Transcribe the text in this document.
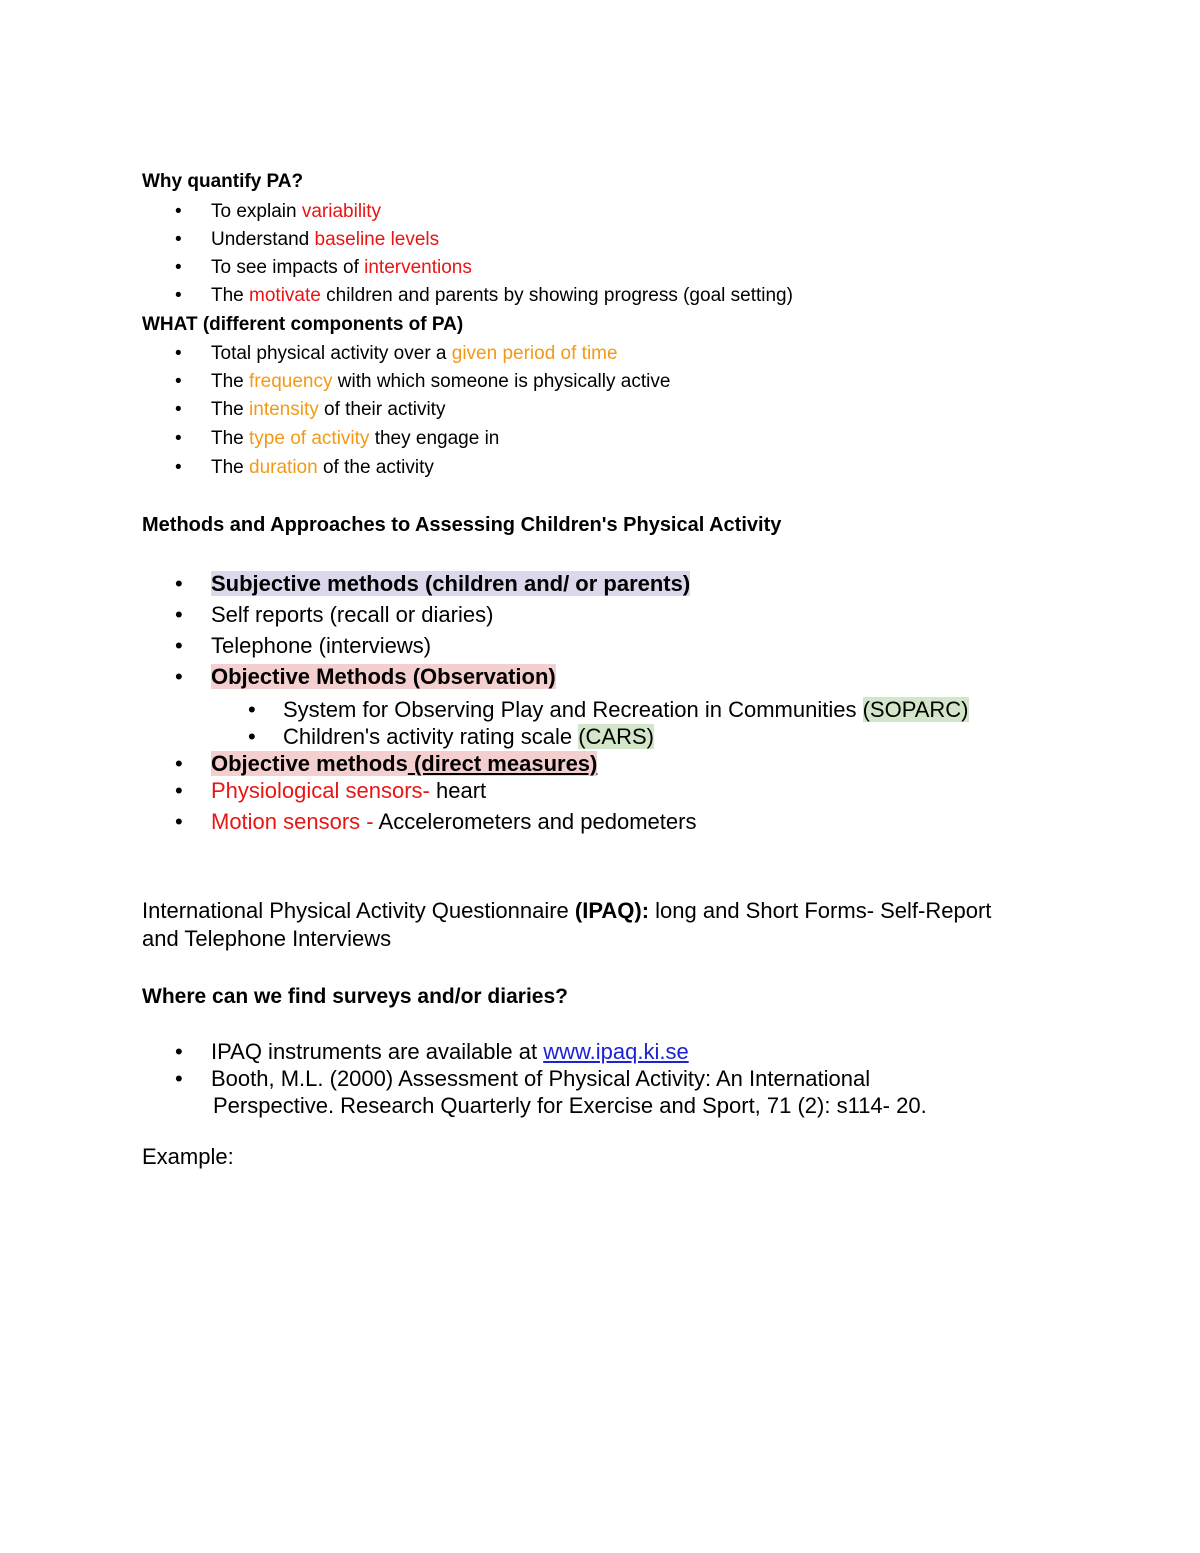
Why quantify PA?
• To explain variability
• Understand baseline levels
• To see impacts of interventions
• The motivate children and parents by showing progress (goal setting)
WHAT (different components of PA)
• Total physical activity over a given period of time
• The frequency with which someone is physically active
• The intensity of their activity
• The type of activity they engage in
• The duration of the activity
Methods and Approaches to Assessing Children's Physical Activity
• Subjective methods (children and/ or parents)
• Self reports (recall or diaries)
• Telephone (interviews)
• Objective Methods (Observation)
• System for Observing Play and Recreation in Communities (SOPARC)
• Children's activity rating scale (CARS)
• Objective methods (direct measures)
• Physiological sensors- heart
• Motion sensors - Accelerometers and pedometers
International Physical Activity Questionnaire (IPAQ): long and Short Forms- Self-Report
and Telephone Interviews
Where can we find surveys and/or diaries?
• IPAQ instruments are available at www.ipaq.ki.se
• Booth, M.L. (2000) Assessment of Physical Activity: An International
Perspective. Research Quarterly for Exercise and Sport, 71 (2): s114- 20.
Example:
